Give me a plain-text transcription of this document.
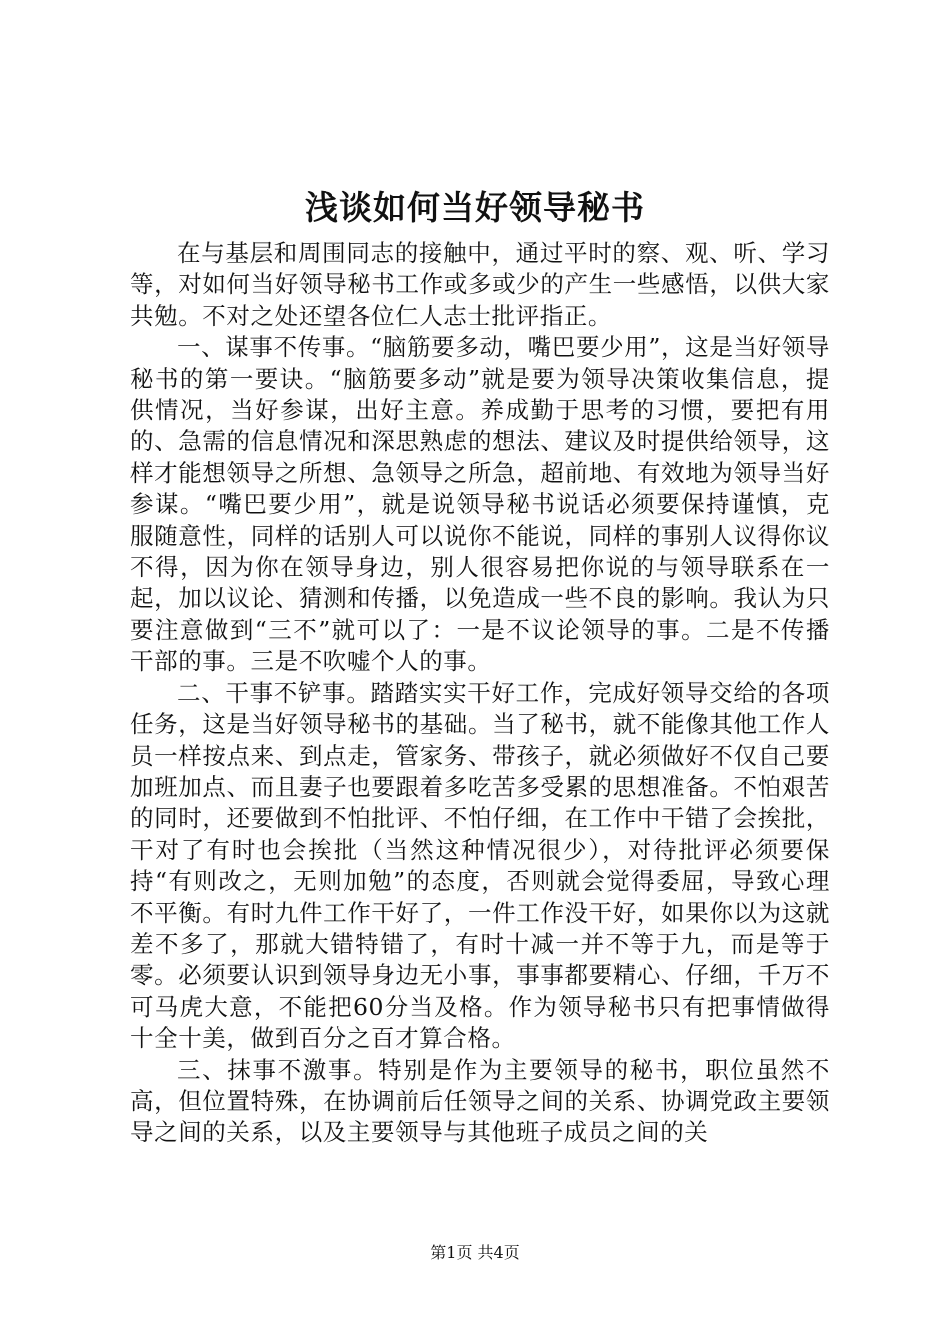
浅谈如何当好领导秘书

在与基层和周围同志的接触中，通过平时的察、观、听、学习等，对如何当好领导秘书工作或多或少的产生一些感悟，以供大家共勉。不对之处还望各位仁人志士批评指正。

一、谋事不传事。“脑筋要多动，嘴巴要少用”，这是当好领导秘书的第一要诀。“脑筋要多动”就是要为领导决策收集信息，提供情况，当好参谋，出好主意。养成勤于思考的习惯，要把有用的、急需的信息情况和深思熟虑的想法、建议及时提供给领导，这样才能想领导之所想、急领导之所急，超前地、有效地为领导当好参谋。“嘴巴要少用”，就是说领导秘书说话必须要保持谨慎，克服随意性，同样的话别人可以说你不能说，同样的事别人议得你议不得，因为你在领导身边，别人很容易把你说的与领导联系在一起，加以议论、猜测和传播，以免造成一些不良的影响。我认为只要注意做到“三不”就可以了：一是不议论领导的事。二是不传播干部的事。三是不吹嘘个人的事。

二、干事不铲事。踏踏实实干好工作，完成好领导交给的各项任务，这是当好领导秘书的基础。当了秘书，就不能像其他工作人员一样按点来、到点走，管家务、带孩子，就必须做好不仅自己要加班加点、而且妻子也要跟着多吃苦多受累的思想准备。不怕艰苦的同时，还要做到不怕批评、不怕仔细，在工作中干错了会挨批，干对了有时也会挨批（当然这种情况很少），对待批评必须要保持“有则改之，无则加勉”的态度，否则就会觉得委屈，导致心理不平衡。有时九件工作干好了，一件工作没干好，如果你以为这就差不多了，那就大错特错了，有时十减一并不等于九，而是等于零。必须要认识到领导身边无小事，事事都要精心、仔细，千万不可马虎大意，不能把60分当及格。作为领导秘书只有把事情做得十全十美，做到百分之百才算合格。

三、抹事不激事。特别是作为主要领导的秘书，职位虽然不高，但位置特殊，在协调前后任领导之间的关系、协调党政主要领导之间的关系，以及主要领导与其他班子成员之间的关

第1页 共4页
